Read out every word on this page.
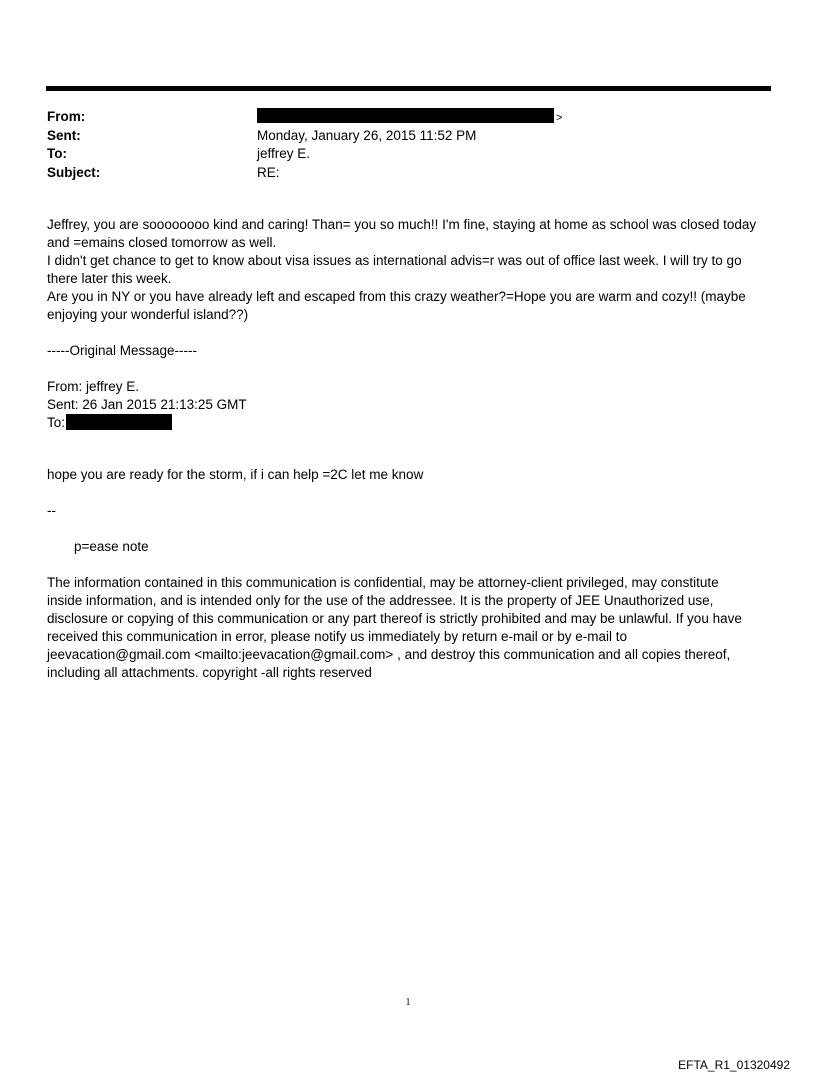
From:	>
Sent:	Monday, January 26, 2015 11:52 PM
To:	jeffrey E.
Subject:	RE:
Jeffrey, you are soooooooo kind and caring! Than= you so much!! I'm fine, staying at home as school was closed today
and =emains closed tomorrow as well.
I didn't get chance to get to know about visa issues as international advis=r was out of office last week. I will try to go
there later this week.
Are you in NY or you have already left and escaped from this crazy weather?=Hope you are warm and cozy!! (maybe
enjoying your wonderful island??)
-----Original Message-----
From: jeffrey E.
Sent: 26 Jan 2015 21:13:25 GMT
To:
hope you are ready for the storm, if i can help =2C let me know
--
p=ease note
The information contained in this communication is confidential, may be attorney-client privileged, may constitute
inside information, and is intended only for the use of the addressee. It is the property of JEE Unauthorized use,
disclosure or copying of this communication or any part thereof is strictly prohibited and may be unlawful. If you have
received this communication in error, please notify us immediately by return e-mail or by e-mail to
jeevacation@gmail.com <mailto:jeevacation@gmail.com> , and destroy this communication and all copies thereof,
including all attachments. copyright -all rights reserved
1
EFTA_R1_01320492
